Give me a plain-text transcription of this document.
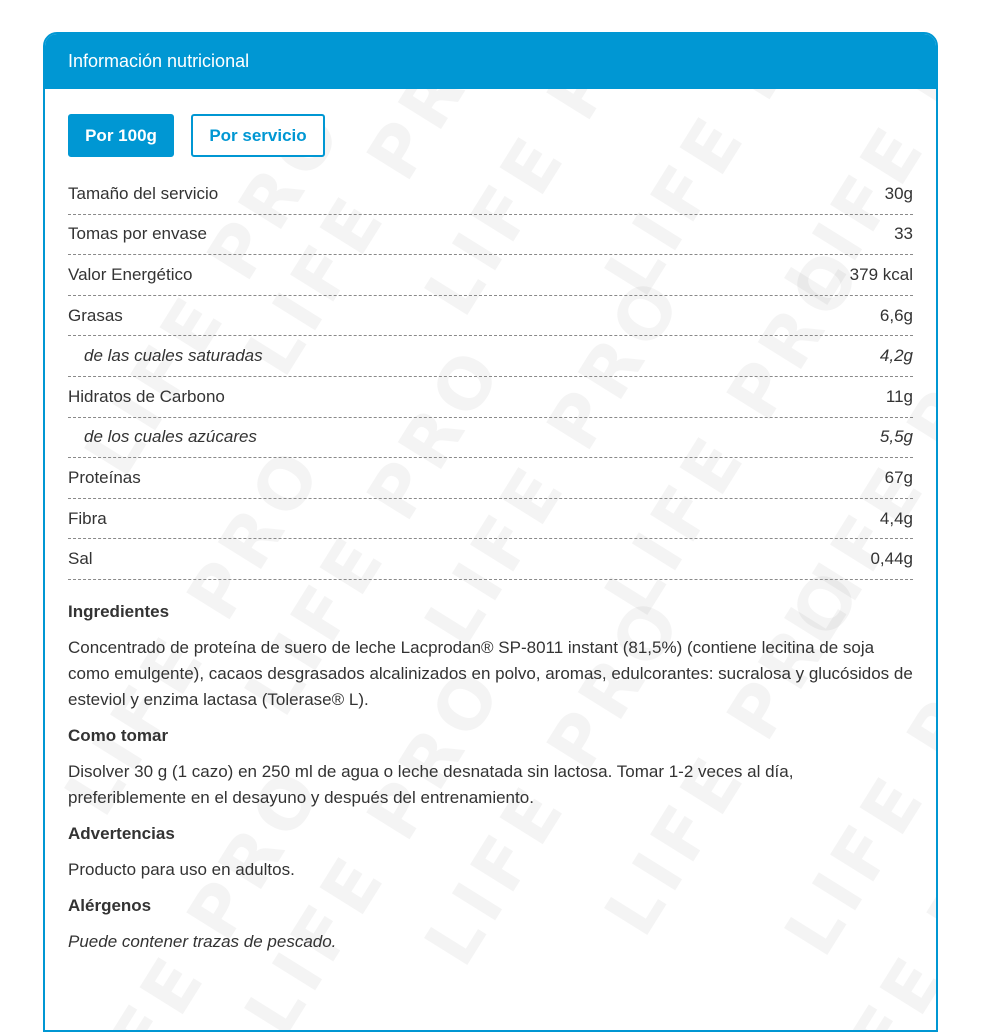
Información nutricional
Por 100g	Por servicio
Tamaño del servicio	30g
Tomas por envase	33
Valor Energético	379 kcal
Grasas	6,6g
de las cuales saturadas	4,2g
Hidratos de Carbono	11g
de los cuales azúcares	5,5g
Proteínas	67g
Fibra	4,4g
Sal	0,44g

Ingredientes

Concentrado de proteína de suero de leche Lacprodan® SP-8011 instant (81,5%) (contiene lecitina de soja como emulgente), cacaos desgrasados alcalinizados en polvo, aromas, edulcorantes: sucralosa y glucósidos de esteviol y enzima lactasa (Tolerase® L).

Como tomar

Disolver 30 g (1 cazo) en 250 ml de agua o leche desnatada sin lactosa. Tomar 1-2 veces al día, preferiblemente en el desayuno y después del entrenamiento.

Advertencias

Producto para uso en adultos.

Alérgenos

Puede contener trazas de pescado.
